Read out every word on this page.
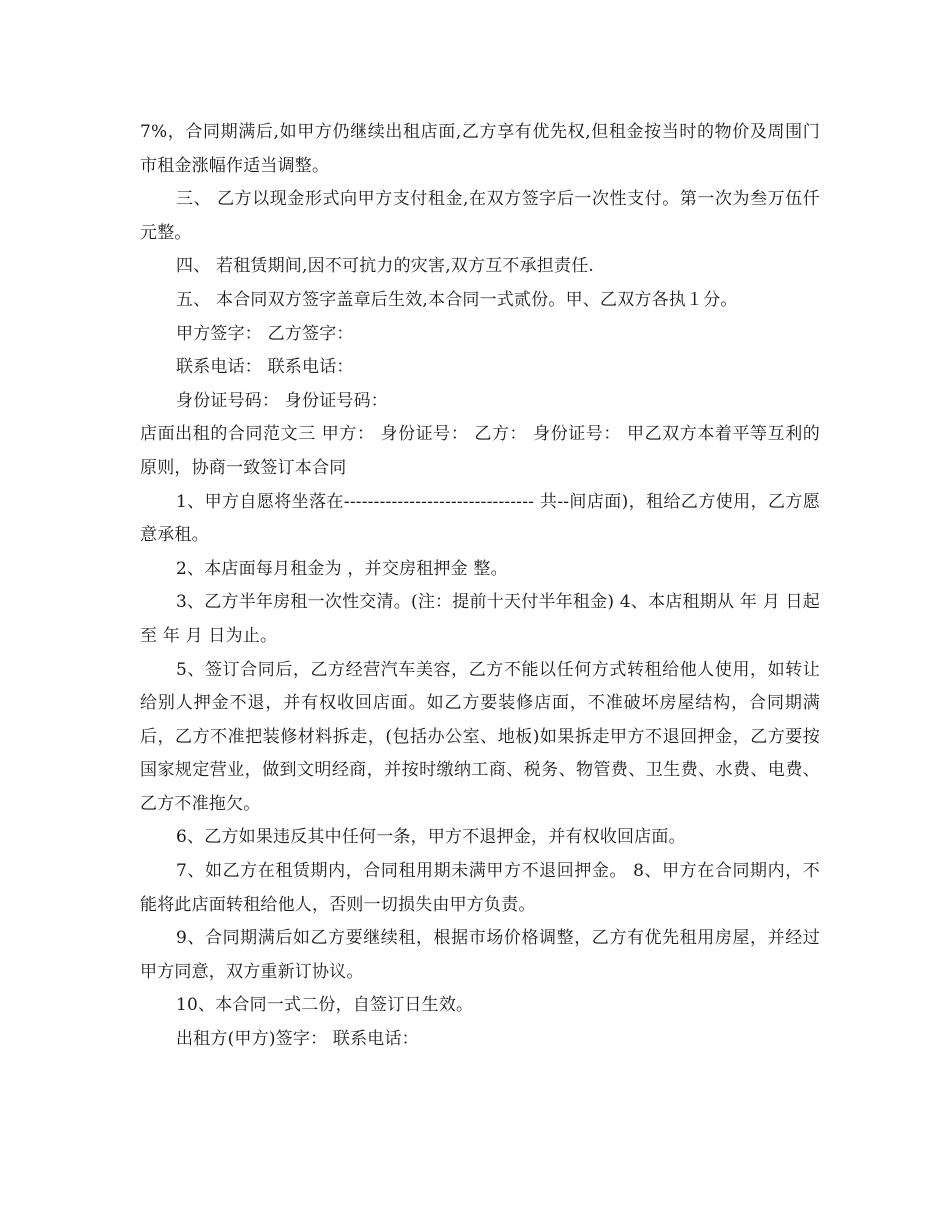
7%，合同期满后,如甲方仍继续出租店面,乙方享有优先权,但租金按当时的物价及周围门市租金涨幅作适当调整。

三、 乙方以现金形式向甲方支付租金,在双方签字后一次性支付。第一次为叁万伍仟元整。

四、 若租赁期间,因不可抗力的灾害,双方互不承担责任.

五、 本合同双方签字盖章后生效,本合同一式贰份。甲、乙双方各执１分。

甲方签字： 乙方签字：

联系电话： 联系电话：

身份证号码： 身份证号码：

店面出租的合同范文三 甲方： 身份证号： 乙方： 身份证号： 甲乙双方本着平等互利的原则，协商一致签订本合同

1、甲方自愿将坐落在-------------------------------- 共--间店面)，租给乙方使用，乙方愿意承租。

2、本店面每月租金为 ，并交房租押金 整。

3、乙方半年房租一次性交清。(注：提前十天付半年租金) 4、本店租期从 年 月 日起至 年 月 日为止。

5、签订合同后，乙方经营汽车美容，乙方不能以任何方式转租给他人使用，如转让给别人押金不退，并有权收回店面。如乙方要装修店面，不准破坏房屋结构，合同期满后，乙方不准把装修材料拆走，(包括办公室、地板)如果拆走甲方不退回押金，乙方要按国家规定营业，做到文明经商，并按时缴纳工商、税务、物管费、卫生费、水费、电费、乙方不准拖欠。

6、乙方如果违反其中任何一条，甲方不退押金，并有权收回店面。

7、如乙方在租赁期内，合同租用期未满甲方不退回押金。 8、甲方在合同期内，不能将此店面转租给他人，否则一切损失由甲方负责。

9、合同期满后如乙方要继续租，根据市场价格调整，乙方有优先租用房屋，并经过甲方同意，双方重新订协议。

10、本合同一式二份，自签订日生效。

出租方(甲方)签字： 联系电话：
